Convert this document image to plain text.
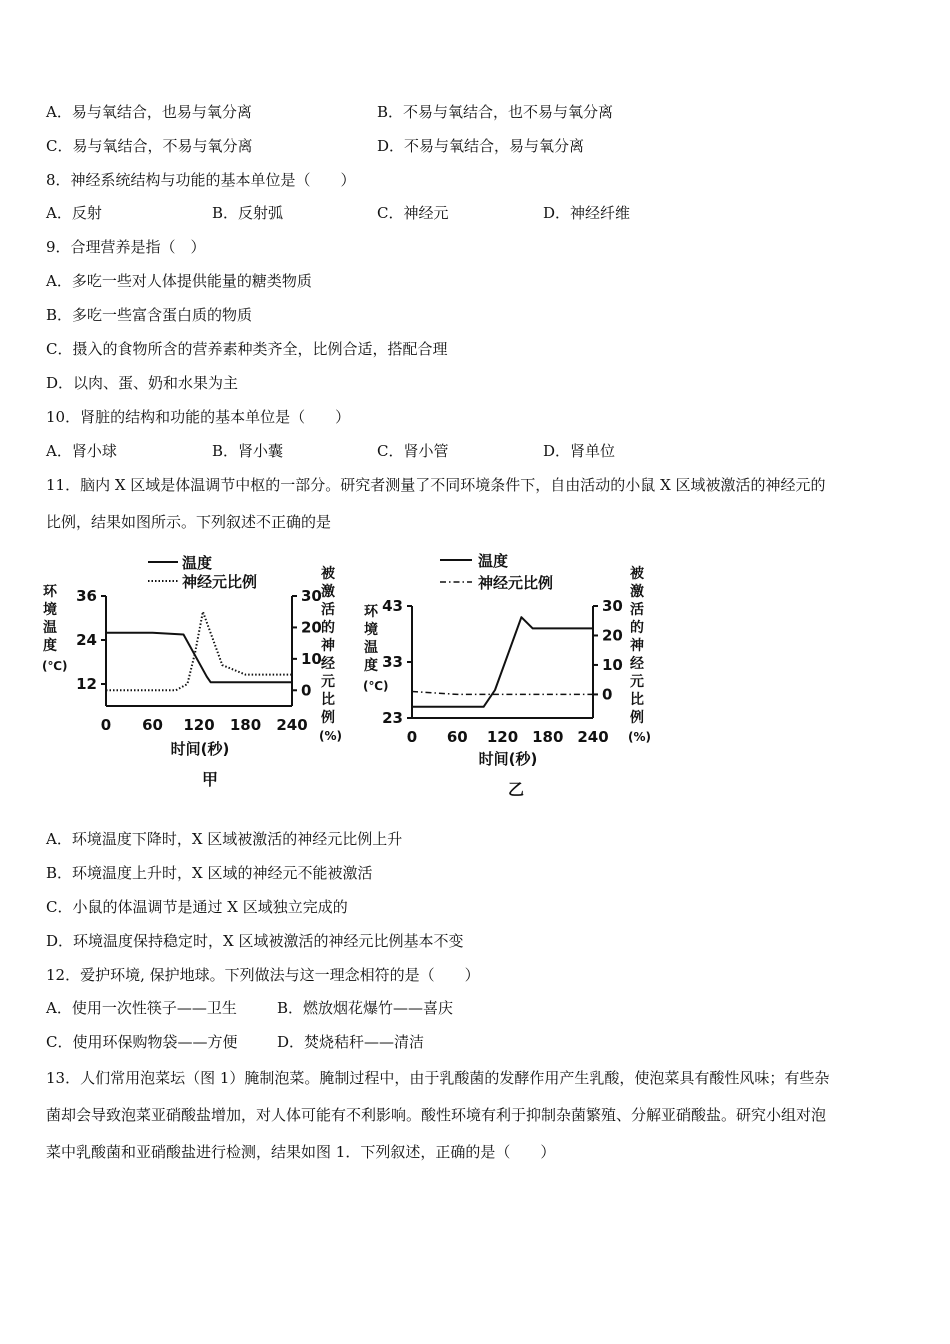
A．易与氧结合，也易与氧分离	B．不易与氧结合，也不易与氧分离
C．易与氧结合，不易与氧分离	D．不易与氧结合，易与氧分离
8．神经系统结构与功能的基本单位是（　　）
A．反射	B．反射弧	C．神经元	D．神经纤维
9．合理营养是指（　）
A．多吃一些对人体提供能量的糖类物质
B．多吃一些富含蛋白质的物质
C．摄入的食物所含的营养素种类齐全，比例合适，搭配合理
D．以肉、蛋、奶和水果为主
10．肾脏的结构和功能的基本单位是（　　）
A．肾小球	B．肾小囊	C．肾小管	D．肾单位
11．脑内 X 区域是体温调节中枢的一部分。研究者测量了不同环境条件下，自由活动的小鼠 X 区域被激活的神经元的
比例，结果如图所示。下列叙述不正确的是
温度
神经元比例
环
境
温
度
(℃)
被
激
活
的
神
经
元
比
例
(%)
0 60 120 180 240
12
24
36
0
10
20
30
时间(秒)
甲
温度
神经元比例
环
境
温
度
(℃)
被
激
活
的
神
经
元
比
例
(%)
0 60 120 180 240
23
33
43
0
10
20
30
时间(秒)
乙
A．环境温度下降时，X 区域被激活的神经元比例上升
B．环境温度上升时，X 区域的神经元不能被激活
C．小鼠的体温调节是通过 X 区域独立完成的
D．环境温度保持稳定时，X 区域被激活的神经元比例基本不变
12．爱护环境, 保护地球。下列做法与这一理念相符的是（　　）
A．使用一次性筷子——卫生	B．燃放烟花爆竹——喜庆
C．使用环保购物袋——方便	D．焚烧秸秆——清洁
13．人们常用泡菜坛（图 1）腌制泡菜。腌制过程中，由于乳酸菌的发酵作用产生乳酸，使泡菜具有酸性风味；有些杂
菌却会导致泡菜亚硝酸盐增加，对人体可能有不利影响。酸性环境有利于抑制杂菌繁殖、分解亚硝酸盐。研究小组对泡
菜中乳酸菌和亚硝酸盐进行检测，结果如图 1．下列叙述，正确的是（　　）
